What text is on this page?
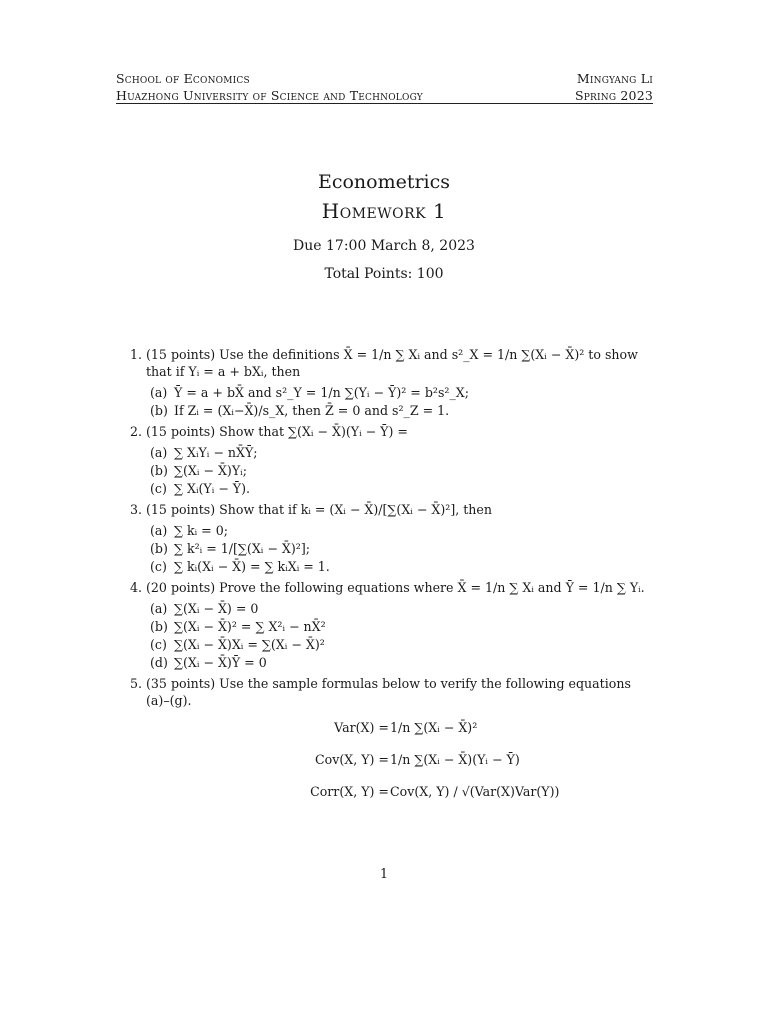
School of Economics
Huazhong University of Science and Technology
Mingyang Li
Spring 2023
Econometrics
Homework 1
Due 17:00 March 8, 2023
Total Points: 100
1. (15 points) Use the definitions X̄ = 1/n ∑ Xᵢ and s²_X = 1/n ∑(Xᵢ − X̄)² to show that if Yᵢ = a + bXᵢ, then
(a) Ȳ = a + bX̄ and s²_Y = 1/n ∑(Yᵢ − Ȳ)² = b²s²_X;
(b) If Zᵢ = (Xᵢ−X̄)/s_X, then Z̄ = 0 and s²_Z = 1.
2. (15 points) Show that ∑(Xᵢ − X̄)(Yᵢ − Ȳ) =
(a) ∑ XᵢYᵢ − nX̄Ȳ;
(b) ∑(Xᵢ − X̄)Yᵢ;
(c) ∑ Xᵢ(Yᵢ − Ȳ).
3. (15 points) Show that if kᵢ = (Xᵢ − X̄)/[∑(Xᵢ − X̄)²], then
(a) ∑ kᵢ = 0;
(b) ∑ k²ᵢ = 1/[∑(Xᵢ − X̄)²];
(c) ∑ kᵢ(Xᵢ − X̄) = ∑ kᵢXᵢ = 1.
4. (20 points) Prove the following equations where X̄ = 1/n ∑ Xᵢ and Ȳ = 1/n ∑ Yᵢ.
(a) ∑(Xᵢ − X̄) = 0
(b) ∑(Xᵢ − X̄)² = ∑ X²ᵢ − nX̄²
(c) ∑(Xᵢ − X̄)Xᵢ = ∑(Xᵢ − X̄)²
(d) ∑(Xᵢ − X̄)Ȳ = 0
5. (35 points) Use the sample formulas below to verify the following equations (a)–(g).
Var(X) = 1/n ∑(Xᵢ − X̄)²
Cov(X, Y) = 1/n ∑(Xᵢ − X̄)(Yᵢ − Ȳ)
Corr(X, Y) = Cov(X, Y) / √(Var(X)Var(Y))
1
